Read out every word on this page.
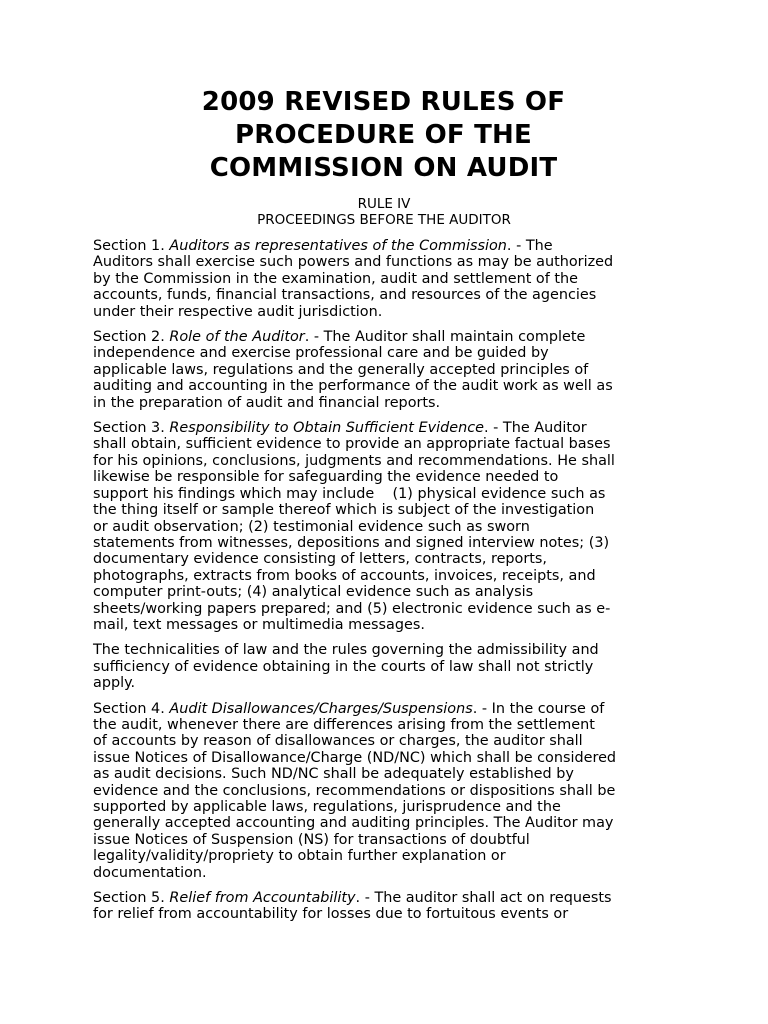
2009 REVISED RULES OF
PROCEDURE OF THE
COMMISSION ON AUDIT
RULE IV
PROCEEDINGS BEFORE THE AUDITOR
Section 1. Auditors as representatives of the Commission. - The
Auditors shall exercise such powers and functions as may be authorized
by the Commission in the examination, audit and settlement of the
accounts, funds, financial transactions, and resources of the agencies
under their respective audit jurisdiction.
Section 2. Role of the Auditor. - The Auditor shall maintain complete
independence and exercise professional care and be guided by
applicable laws, regulations and the generally accepted principles of
auditing and accounting in the performance of the audit work as well as
in the preparation of audit and financial reports.
Section 3. Responsibility to Obtain Sufficient Evidence. - The Auditor
shall obtain, sufficient evidence to provide an appropriate factual bases
for his opinions, conclusions, judgments and recommendations. He shall
likewise be responsible for safeguarding the evidence needed to
support his findings which may include    (1) physical evidence such as
the thing itself or sample thereof which is subject of the investigation
or audit observation; (2) testimonial evidence such as sworn
statements from witnesses, depositions and signed interview notes; (3)
documentary evidence consisting of letters, contracts, reports,
photographs, extracts from books of accounts, invoices, receipts, and
computer print-outs; (4) analytical evidence such as analysis
sheets/working papers prepared; and (5) electronic evidence such as e-
mail, text messages or multimedia messages.
The technicalities of law and the rules governing the admissibility and
sufficiency of evidence obtaining in the courts of law shall not strictly
apply.
Section 4. Audit Disallowances/Charges/Suspensions. - In the course of
the audit, whenever there are differences arising from the settlement
of accounts by reason of disallowances or charges, the auditor shall
issue Notices of Disallowance/Charge (ND/NC) which shall be considered
as audit decisions. Such ND/NC shall be adequately established by
evidence and the conclusions, recommendations or dispositions shall be
supported by applicable laws, regulations, jurisprudence and the
generally accepted accounting and auditing principles. The Auditor may
issue Notices of Suspension (NS) for transactions of doubtful
legality/validity/propriety to obtain further explanation or
documentation.
Section 5. Relief from Accountability. - The auditor shall act on requests
for relief from accountability for losses due to fortuitous events or
